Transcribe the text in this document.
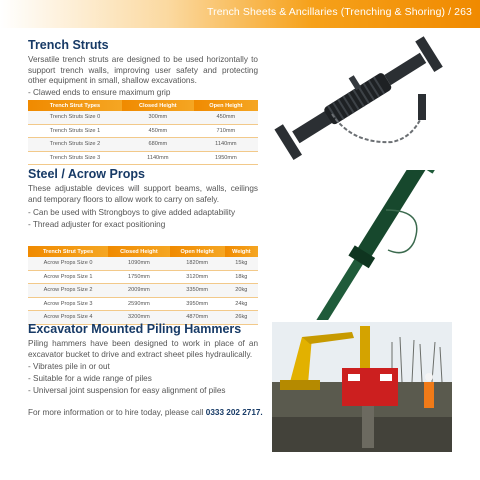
Trench Sheets & Ancillaries (Trenching & Shoring) / 263
Trench Struts

Versatile trench struts are designed to be used horizontally to support trench walls, improving user safety and protecting other equipment in small, shallow excavations.

- Clawed ends to ensure maximum grip
Trench Strut Types	Closed Height	Open Height
Trench Struts Size 0	300mm	450mm
Trench Struts Size 1	450mm	710mm
Trench Struts Size 2	680mm	1140mm
Trench Struts Size 3	1140mm	1950mm
Steel / Acrow Props

These adjustable devices will support beams, walls, ceilings and temporary floors to allow work to carry on safely.

- Can be used with Strongboys to give added adaptability
- Thread adjuster for exact positioning
Trench Strut Types	Closed Height	Open Height	Weight
Acrow Props Size 0	1090mm	1820mm	15kg
Acrow Props Size 1	1750mm	3120mm	18kg
Acrow Props Size 2	2009mm	3350mm	20kg
Acrow Props Size 3	2590mm	3950mm	24kg
Acrow Props Size 4	3200mm	4870mm	26kg
Excavator Mounted Piling Hammers

Piling hammers have been designed to work in place of an excavator bucket to drive and extract sheet piles hydraulically.

- Vibrates pile in or out
- Suitable for a wide range of piles
- Universal joint suspension for easy alignment of piles
For more information or to hire today, please call 0333 202 2717.
